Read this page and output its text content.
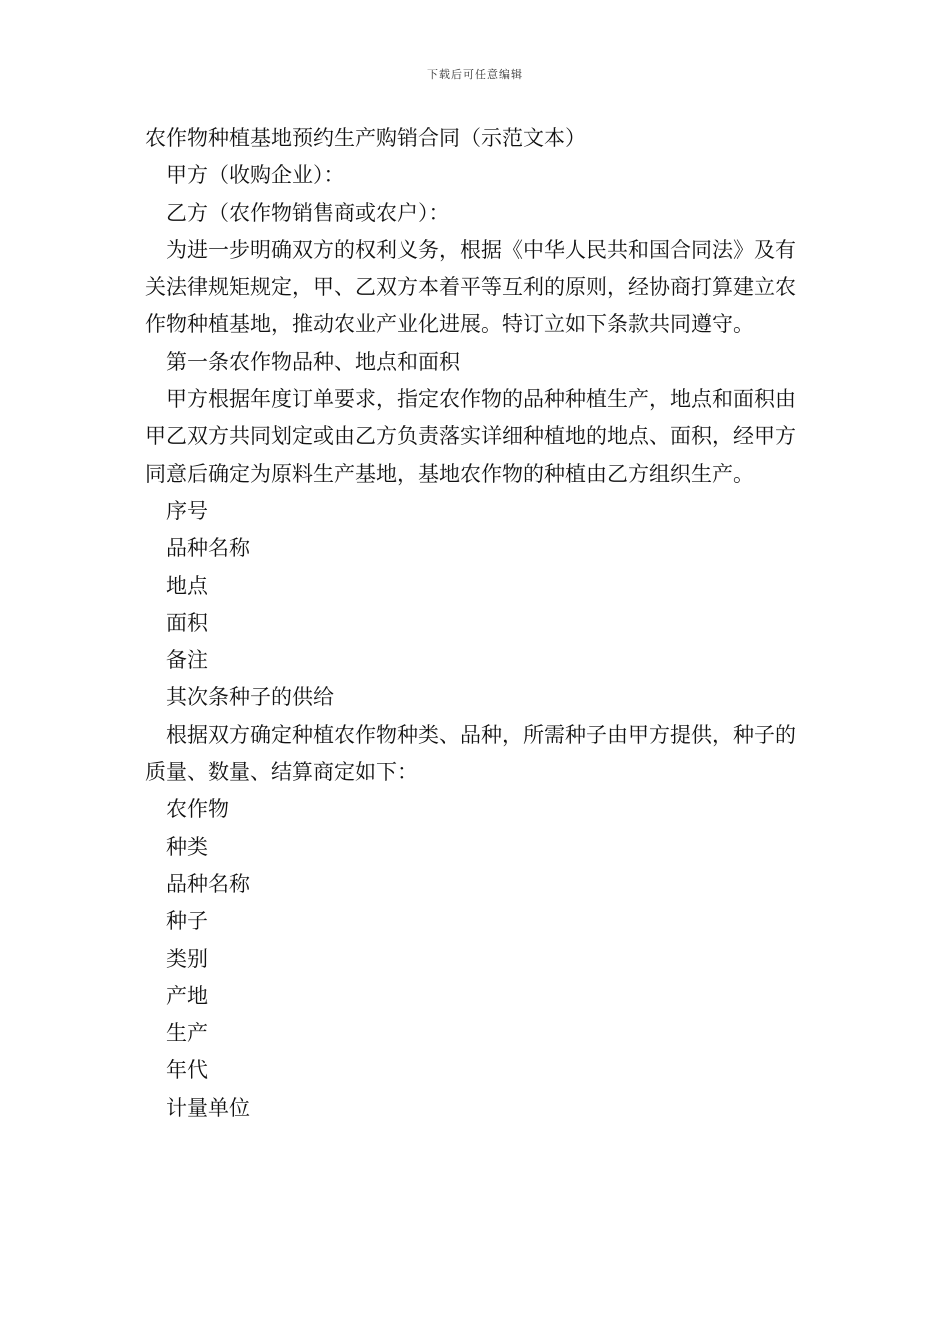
下载后可任意编辑

农作物种植基地预约生产购销合同（示范文本）

甲方（收购企业）：

乙方（农作物销售商或农户）：

为进一步明确双方的权利义务，根据《中华人民共和国合同法》及有关法律规矩规定，甲、乙双方本着平等互利的原则，经协商打算建立农作物种植基地，推动农业产业化进展。特订立如下条款共同遵守。

第一条农作物品种、地点和面积

甲方根据年度订单要求，指定农作物的品种种植生产，地点和面积由甲乙双方共同划定或由乙方负责落实详细种植地的地点、面积，经甲方同意后确定为原料生产基地，基地农作物的种植由乙方组织生产。

序号

品种名称

地点

面积

备注

其次条种子的供给

根据双方确定种植农作物种类、品种，所需种子由甲方提供，种子的质量、数量、结算商定如下：

农作物

种类

品种名称

种子

类别

产地

生产

年代

计量单位
